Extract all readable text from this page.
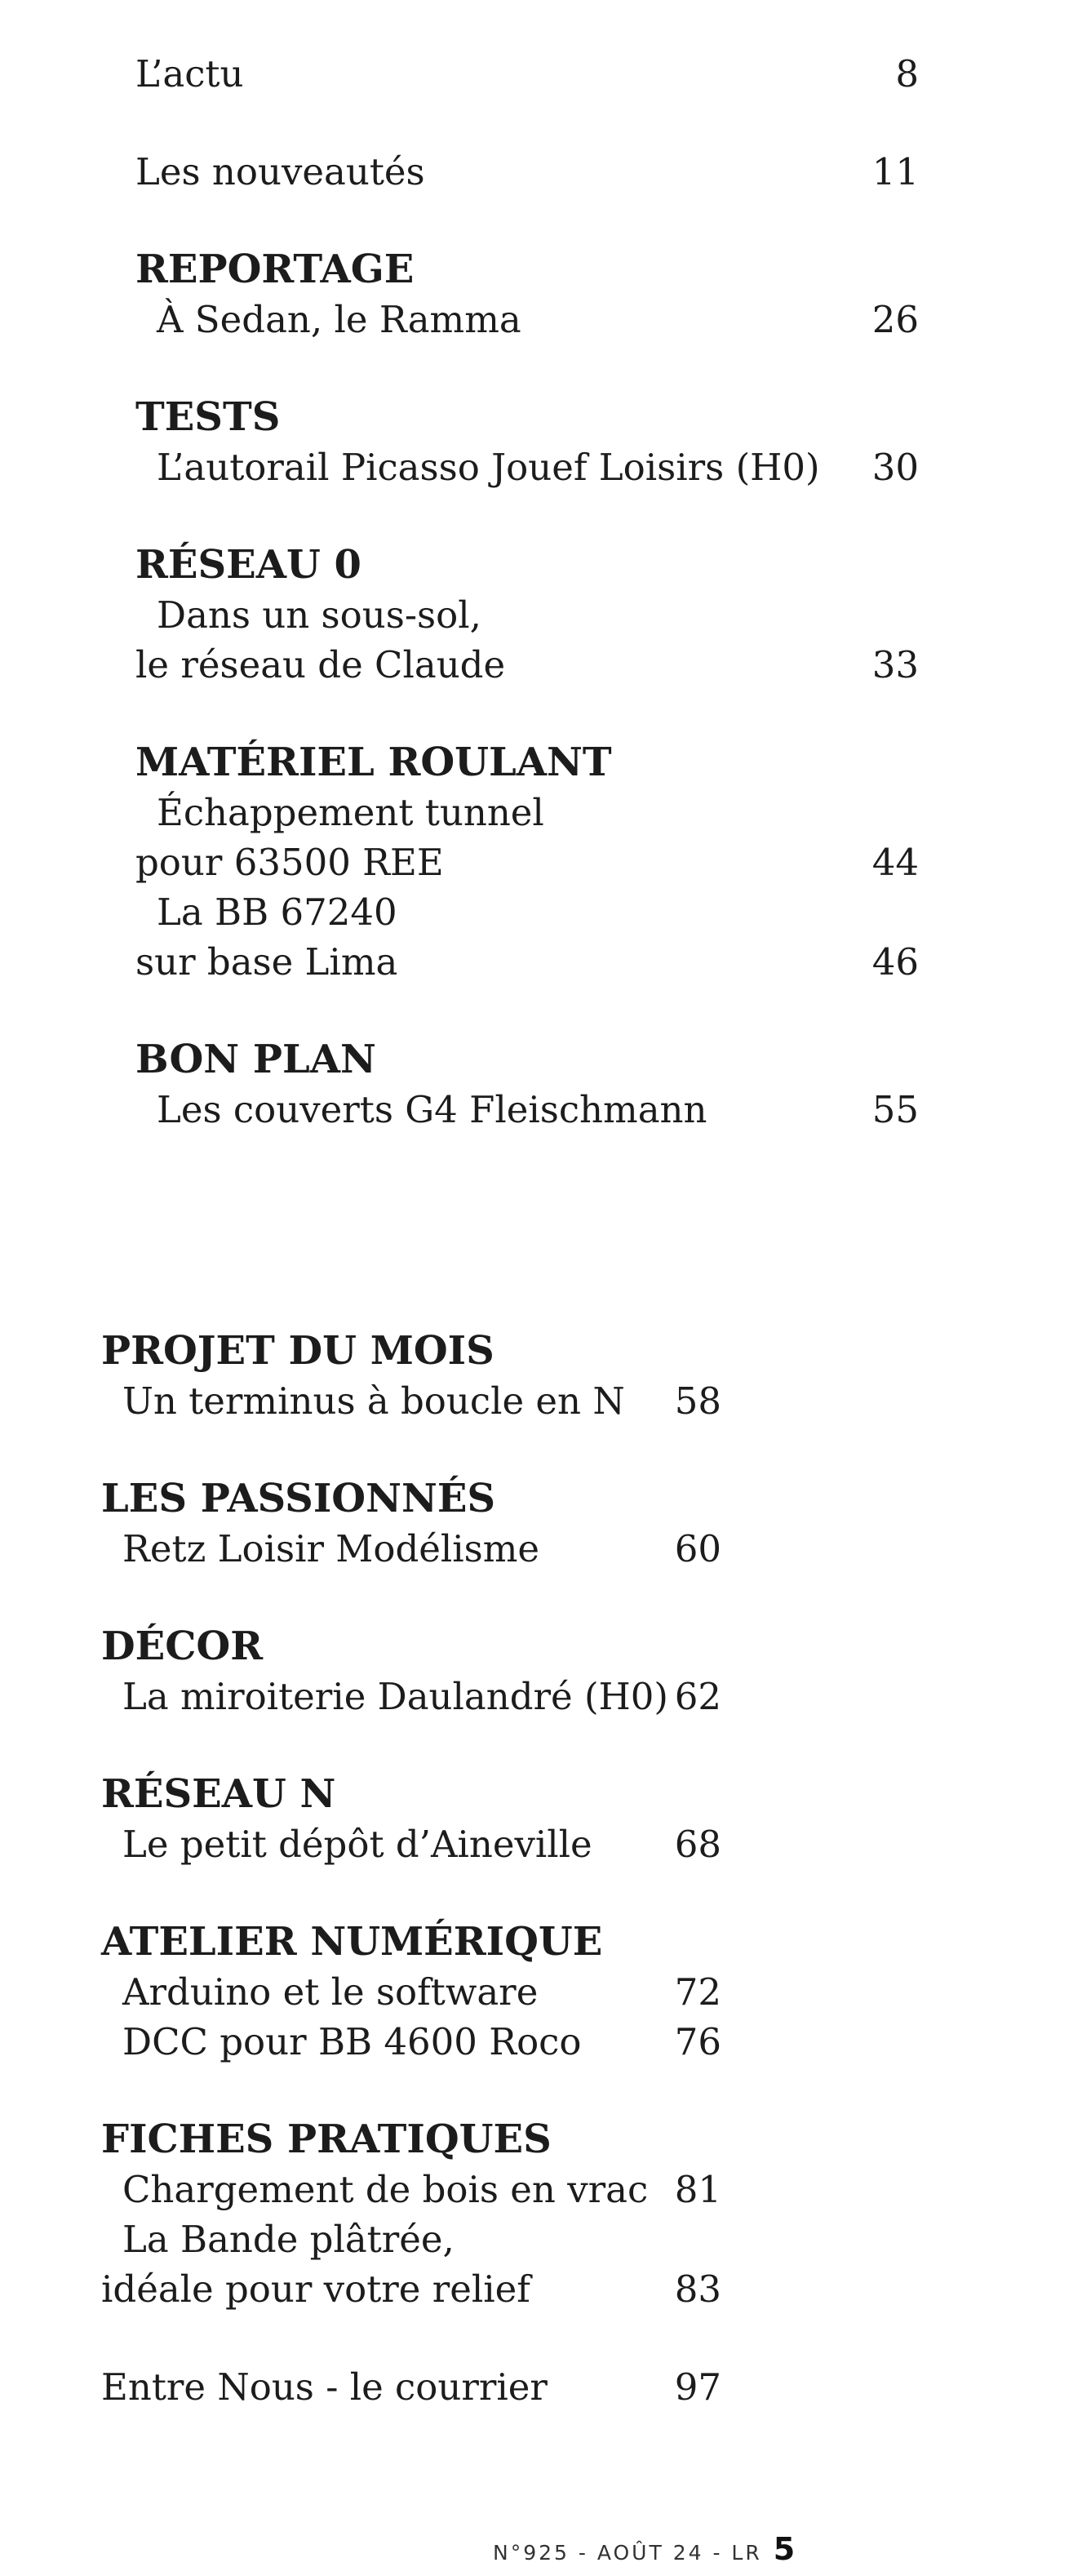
L’actu	8
Les nouveautés	11
REPORTAGE
À Sedan, le Ramma	26
TESTS
L’autorail Picasso Jouef Loisirs (H0)	30
RÉSEAU 0
Dans un sous-sol,
le réseau de Claude	33
MATÉRIEL ROULANT
Échappement tunnel
pour 63500 REE	44
La BB 67240
sur base Lima	46
BON PLAN
Les couverts G4 Fleischmann	55
PROJET DU MOIS
Un terminus à boucle en N	58
LES PASSIONNÉS
Retz Loisir Modélisme	60
DÉCOR
La miroiterie Daulandré (H0) 62
RÉSEAU N
Le petit dépôt d’Aineville	68
ATELIER NUMÉRIQUE
Arduino et le software	72
DCC pour BB 4600 Roco	76
FICHES PRATIQUES
Chargement de bois en vrac 81
La Bande plâtrée,
idéale pour votre relief	83
Entre Nous - le courrier	97
N°925 - AOÛT 24 - LR 5
